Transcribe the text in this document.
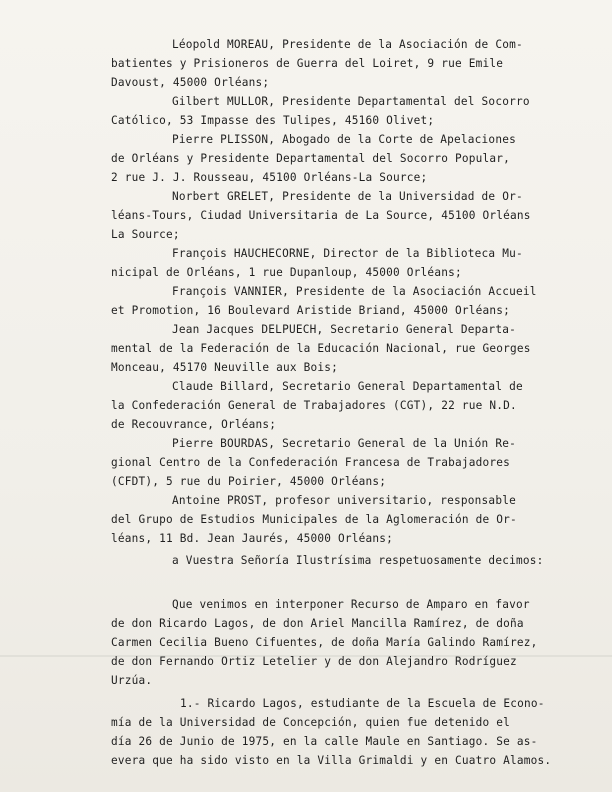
Léopold MOREAU, Presidente de la Asociación de Com-
batientes y Prisioneros de Guerra del Loiret, 9 rue Emile
Davoust, 45000 Orléans;
Gilbert MULLOR, Presidente Departamental del Socorro
Católico, 53 Impasse des Tulipes, 45160 Olivet;
Pierre PLISSON, Abogado de la Corte de Apelaciones
de Orléans y Presidente Departamental del Socorro Popular,
2 rue J. J. Rousseau, 45100 Orléans-La Source;
Norbert GRELET, Presidente de la Universidad de Or-
léans-Tours, Ciudad Universitaria de La Source, 45100 Orléans
La Source;
François HAUCHECORNE, Director de la Biblioteca Mu-
nicipal de Orléans, 1 rue Dupanloup, 45000 Orléans;
François VANNIER, Presidente de la Asociación Accueil
et Promotion, 16 Boulevard Aristide Briand, 45000 Orléans;
Jean Jacques DELPUECH, Secretario General Departa-
mental de la Federación de la Educación Nacional, rue Georges
Monceau, 45170 Neuville aux Bois;
Claude Billard, Secretario General Departamental de
la Confederación General de Trabajadores (CGT), 22 rue N.D.
de Recouvrance, Orléans;
Pierre BOURDAS, Secretario General de la Unión Re-
gional Centro de la Confederación Francesa de Trabajadores
(CFDT), 5 rue du Poirier, 45000 Orléans;
Antoine PROST, profesor universitario, responsable
del Grupo de Estudios Municipales de la Aglomeración de Or-
léans, 11 Bd. Jean Jaurés, 45000 Orléans;
a Vuestra Señoría Ilustrísima respetuosamente decimos:
Que venimos en interponer Recurso de Amparo en favor
de don Ricardo Lagos, de don Ariel Mancilla Ramírez, de doña
Carmen Cecilia Bueno Cifuentes, de doña María Galindo Ramírez,
de don Fernando Ortiz Letelier y de don Alejandro Rodríguez
Urzúa.
1.- Ricardo Lagos, estudiante de la Escuela de Econo-
mía de la Universidad de Concepción, quien fue detenido el
día 26 de Junio de 1975, en la calle Maule en Santiago. Se as-
evera que ha sido visto en la Villa Grimaldi y en Cuatro Alamos.
